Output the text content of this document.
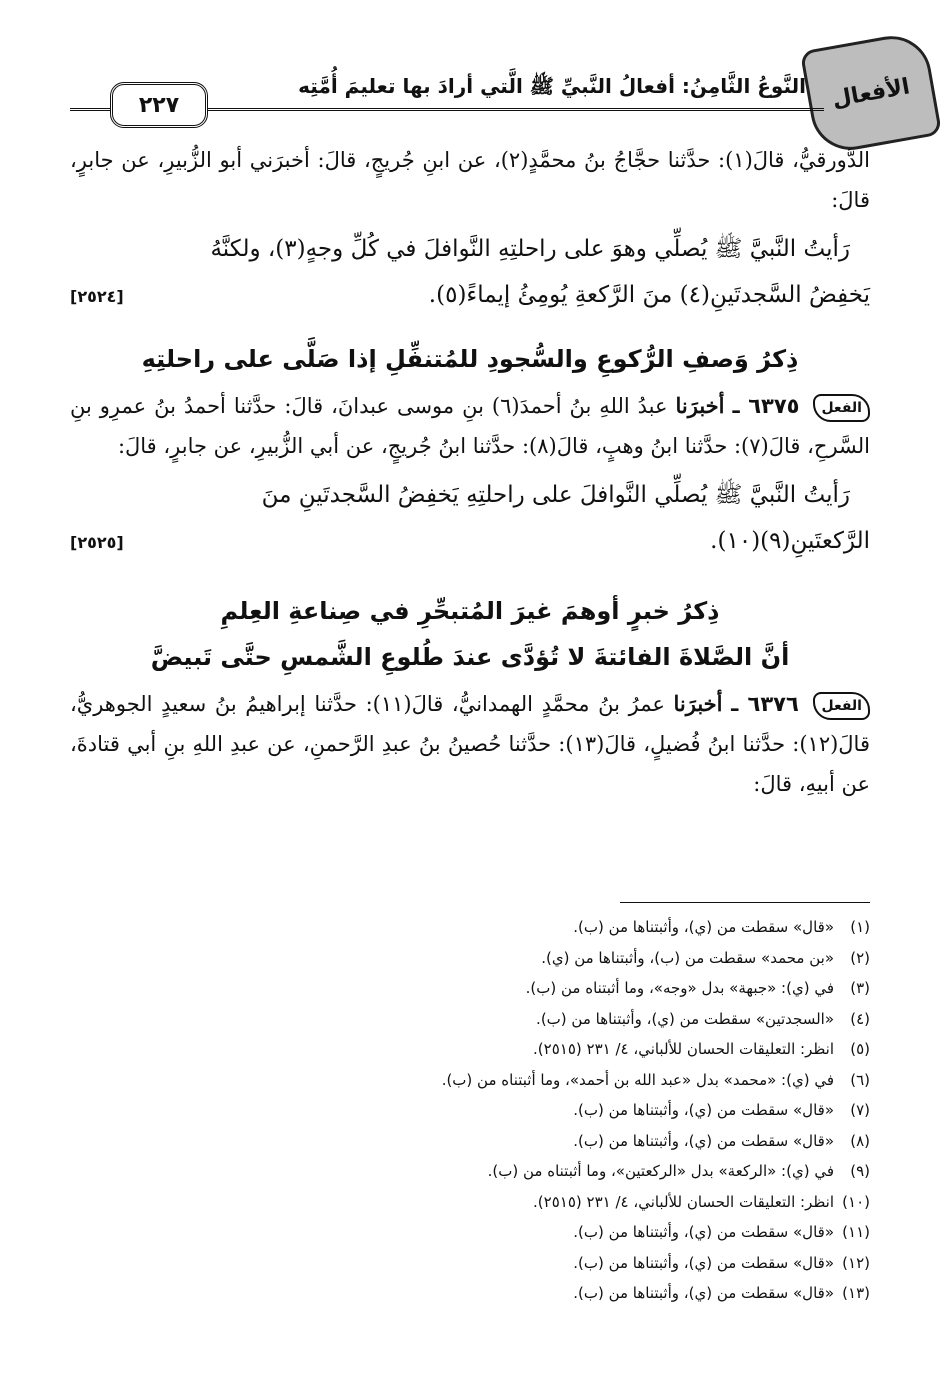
الأفعال
النَّوعُ الثَّامِنُ: أفعالُ النَّبيِّ ﷺ الَّتي أرادَ بها تعليمَ أُمَّتِه
٢٢٧

الدَّورقيُّ، قالَ(١): حدَّثنا حجَّاجُ بنُ محمَّدٍ(٢)، عن ابنِ جُريجٍ، قالَ: أخبرَني أبو الزُّبيرِ، عن جابرٍ، قالَ:

رَأيتُ النَّبيَّ ﷺ يُصلِّي وهوَ على راحلتِهِ النَّوافلَ في كُلِّ وجهٍ(٣)، ولكنَّهُ

يَخفِضُ السَّجدتَينِ(٤) منَ الرَّكعةِ يُومِئُ إيماءً(٥).
[٢٥٢٤]
ذِكرُ وَصفِ الرُّكوعِ والسُّجودِ للمُتنفِّلِ إذا صَلَّى على راحلتِهِ

الفعل ٦٣٧٥ ـ أخبرَنا عبدُ اللهِ بنُ أحمدَ(٦) بنِ موسى عبدانَ، قالَ: حدَّثنا أحمدُ بنُ عمرِو بنِ السَّرحِ، قالَ(٧): حدَّثنا ابنُ وهبٍ، قالَ(٨): حدَّثنا ابنُ جُريجٍ، عن أبي الزُّبيرِ، عن جابرٍ، قالَ:

رَأيتُ النَّبيَّ ﷺ يُصلِّي النَّوافلَ على راحلتِهِ يَخفِضُ السَّجدتَينِ منَ

الرَّكعتَينِ(٩)(١٠).
[٢٥٢٥]
ذِكرُ خبرٍ أوهمَ غيرَ المُتبحِّرِ في صِناعةِ العِلمِ
أنَّ الصَّلاةَ الفائتةَ لا تُؤدَّى عندَ طُلوعِ الشَّمسِ حتَّى تَبيضَّ

الفعل ٦٣٧٦ ـ أخبرَنا عمرُ بنُ محمَّدٍ الهمدانيُّ، قالَ(١١): حدَّثنا إبراهيمُ بنُ سعيدٍ الجوهريُّ، قالَ(١٢): حدَّثنا ابنُ فُضيلٍ، قالَ(١٣): حدَّثنا حُصينُ بنُ عبدِ الرَّحمنِ، عن عبدِ اللهِ بنِ أبي قتادةَ، عن أبيهِ، قالَ:

(١)«قال» سقطت من (ي)، وأثبتناها من (ب).
(٢)«بن محمد» سقطت من (ب)، وأثبتناها من (ي).
(٣)في (ي): «جبهة» بدل «وجه»، وما أثبتناه من (ب).
(٤)«السجدتين» سقطت من (ي)، وأثبتناها من (ب).
(٥)انظر: التعليقات الحسان للألباني، ٤/ ٢٣١ (٢٥١٥).
(٦)في (ي): «محمد» بدل «عبد الله بن أحمد»، وما أثبتناه من (ب).
(٧)«قال» سقطت من (ي)، وأثبتناها من (ب).
(٨)«قال» سقطت من (ي)، وأثبتناها من (ب).
(٩)في (ي): «الركعة» بدل «الركعتين»، وما أثبتناه من (ب).
(١٠)انظر: التعليقات الحسان للألباني، ٤/ ٢٣١ (٢٥١٥).
(١١)«قال» سقطت من (ي)، وأثبتناها من (ب).
(١٢)«قال» سقطت من (ي)، وأثبتناها من (ب).
(١٣)«قال» سقطت من (ي)، وأثبتناها من (ب).
